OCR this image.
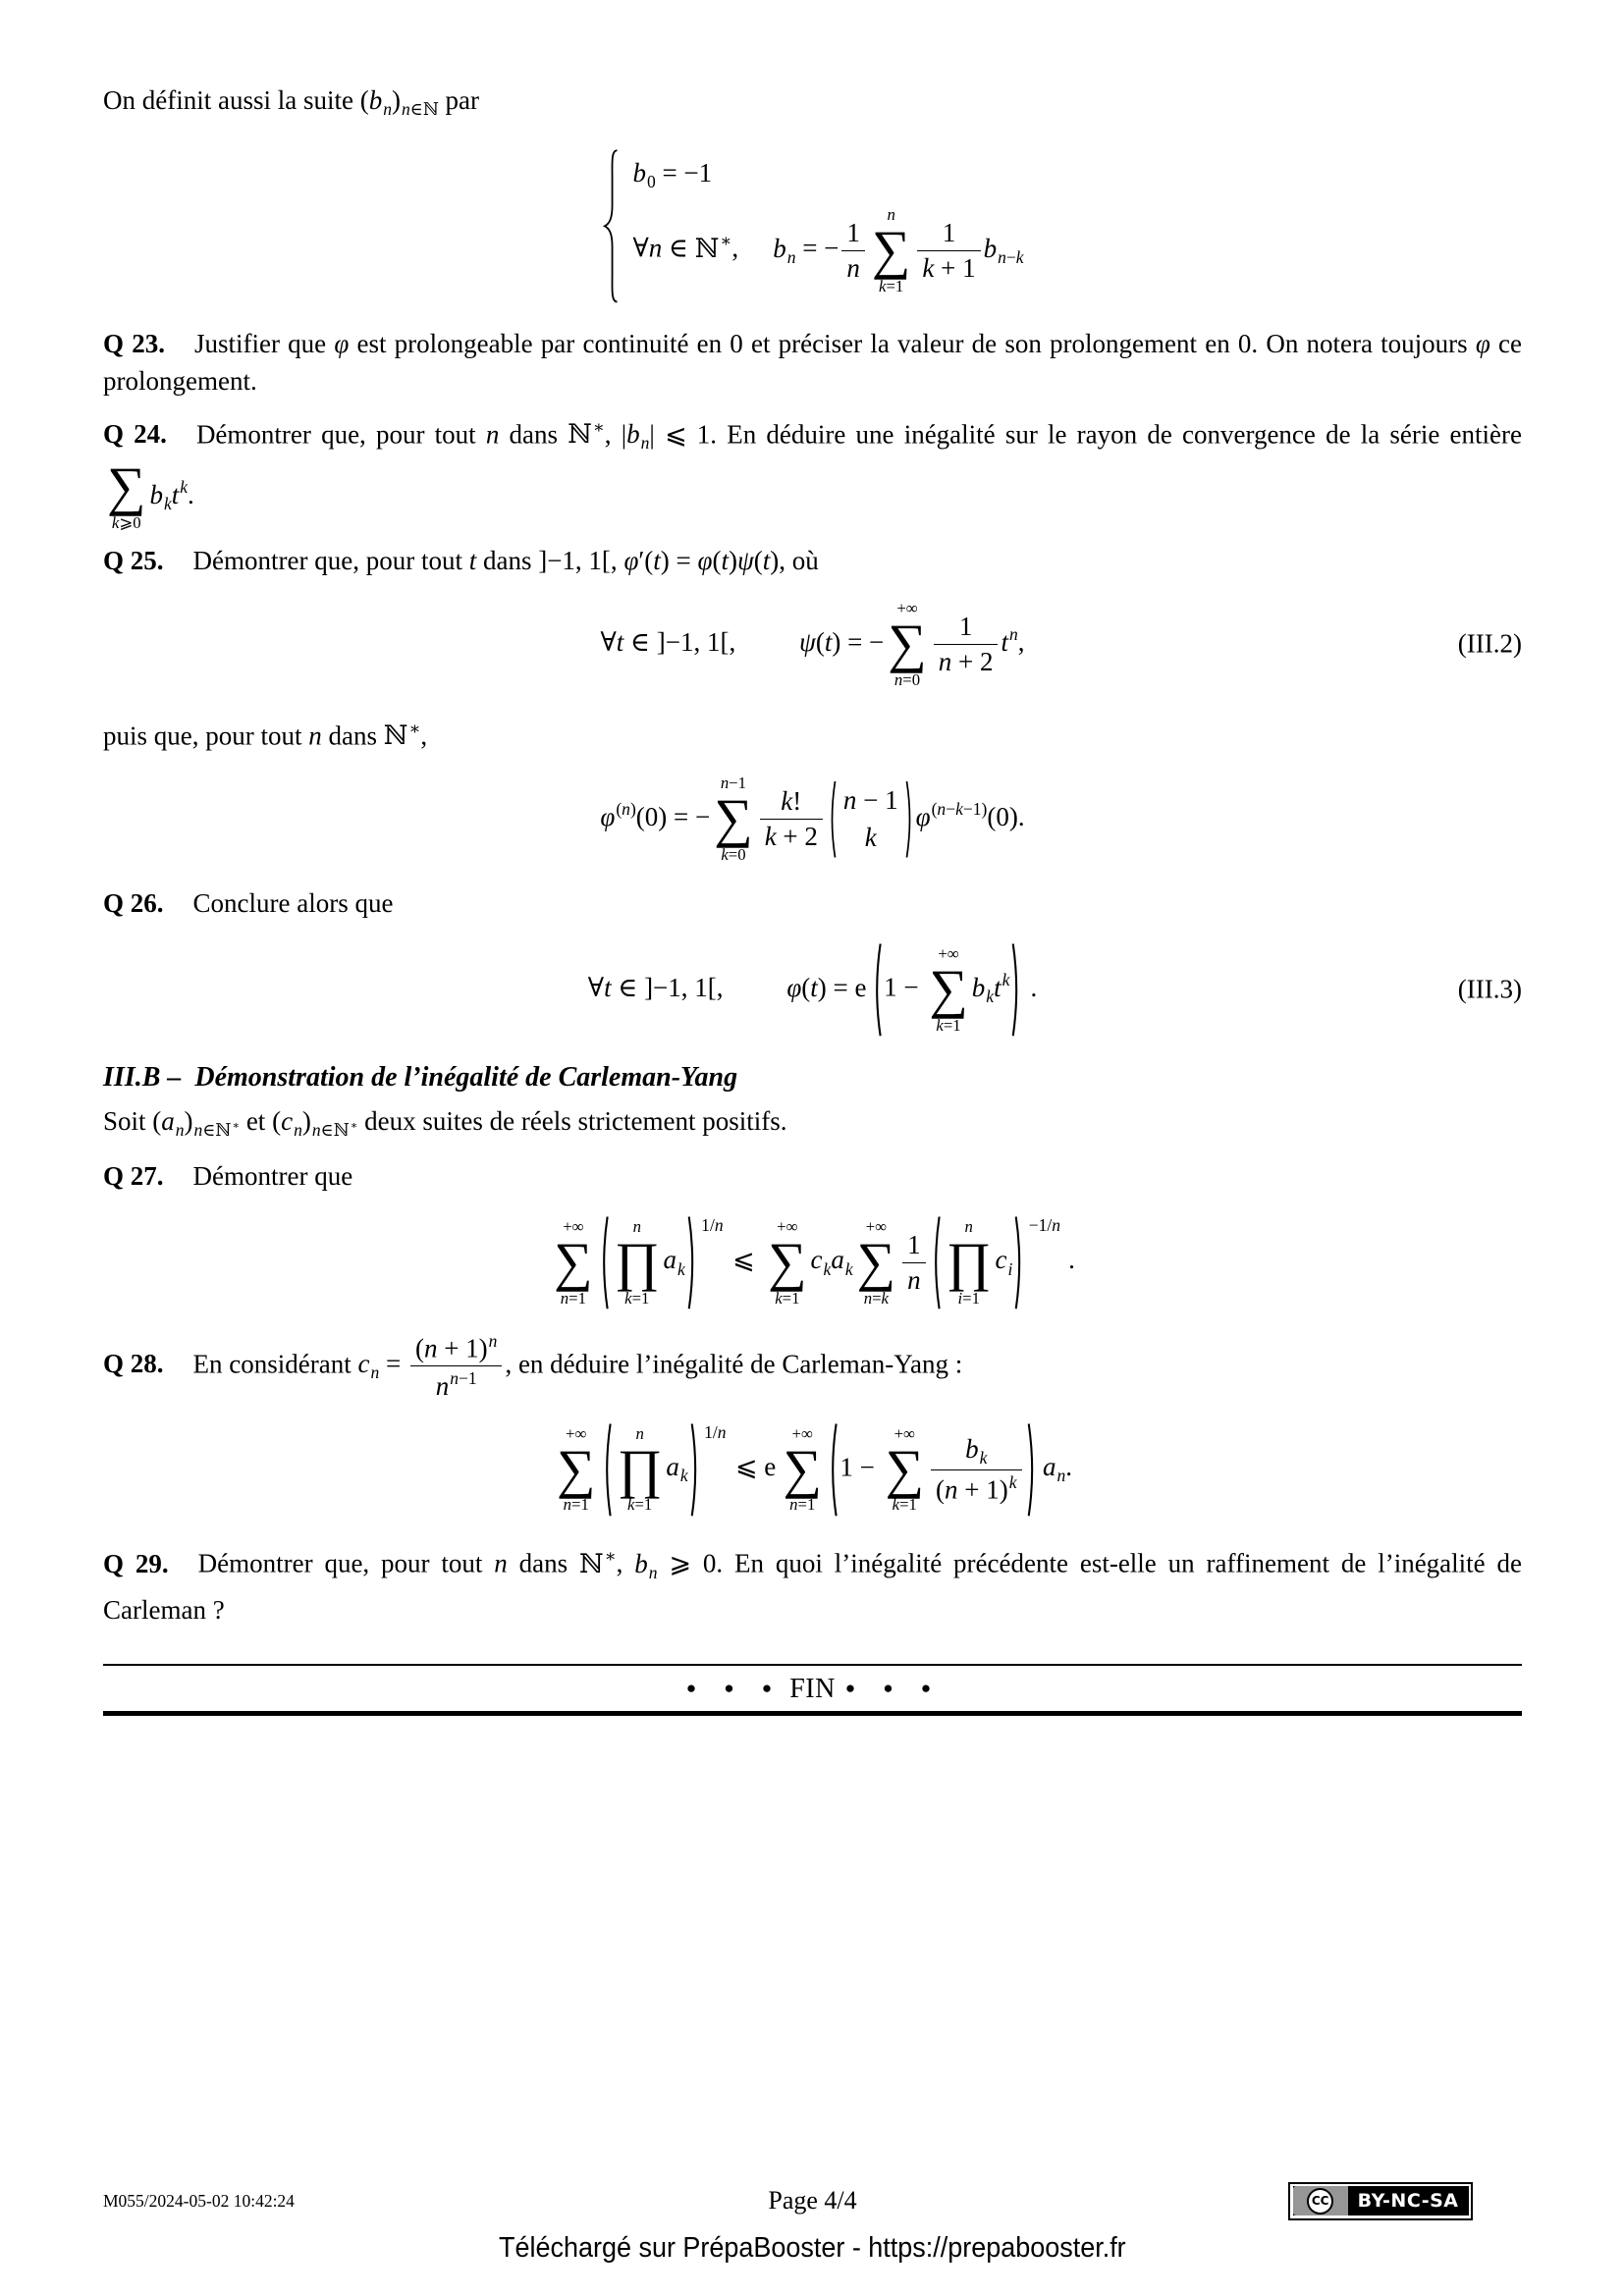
On définit aussi la suite $(b_n)_{n\in ℕ}$ par

$b_0 = -1$
∀n ∈ ℕ∗, $b_n$ = − $\frac{1}{n}$
n
∑
k=1
$\frac{1}{k + 1} b_{n-k}$

Q 23. Justifier que φ est prolongeable par continuité en 0 et préciser la valeur de son prolongement en 0. On notera toujours φ ce prolongement.

Q 24. Démontrer que, pour tout n dans ℕ∗, $|b_n|$ ⩽ 1. En déduire une inégalité sur le rayon de convergence de la série entière
∑
k⩾0
$b_kt^k$.

Q 25. Démontrer que, pour tout t dans ]−1, 1[, φ′(t) = φ(t)ψ(t), où

∀t ∈ ]−1, 1[, ψ(t) = −
+∞
∑
n=0
$\frac{1}{n + 2} t^n$,	(III.2)

puis que, pour tout n dans ℕ∗,

$\varphi^{(n)}(0)$ = −
n−1
∑
k=0
$\frac{k!}{k + 2}$ n − 1
k
$\varphi^{(n-k-1)}(0)$.

Q 26. Conclure alors que

∀t ∈ ]−1, 1[, φ(t) = e 1 −
+∞
∑
k=1
$b_kt^k$ .	(III.3)
III.B – Démonstration de l’inégalité de Carleman-Yang

Soit $(a_n)_{n\in ℕ^∗}$ et $(c_n)_{n\in ℕ^∗}$ deux suites de réels strictement positifs.

Q 27. Démontrer que

+∞
∑
n=1
n
∏
k=1
$a_k$
1/n
⩽
+∞
∑
k=1
$c_ka_k$
+∞
∑
n=k
$\frac{1}{n}$
n
∏
i=1
$c_i$
−1/n
.

Q 28. En considérant $c_n = \frac{(n + 1)^n}{n^{n-1}}$ , en déduire l’inégalité de Carleman-Yang :

+∞
∑
n=1
n
∏
k=1
$a_k$
1/n
⩽ e
+∞
∑
n=1
1 −
+∞
∑
$k=1 \frac{b_k}{(n + 1)^k} a_n$.

Q 29. Démontrer que, pour tout n dans ℕ∗, $b_n$ ⩾ 0. En quoi l’inégalité précédente est-elle un raffinement de l’inégalité de Carleman ?

● ● ● FIN ● ● ●
M055/2024-05-02 10:42:24	Page 4/4	CC	BY-NC-SA
Téléchargé sur PrépaBooster - https://prepabooster.fr
